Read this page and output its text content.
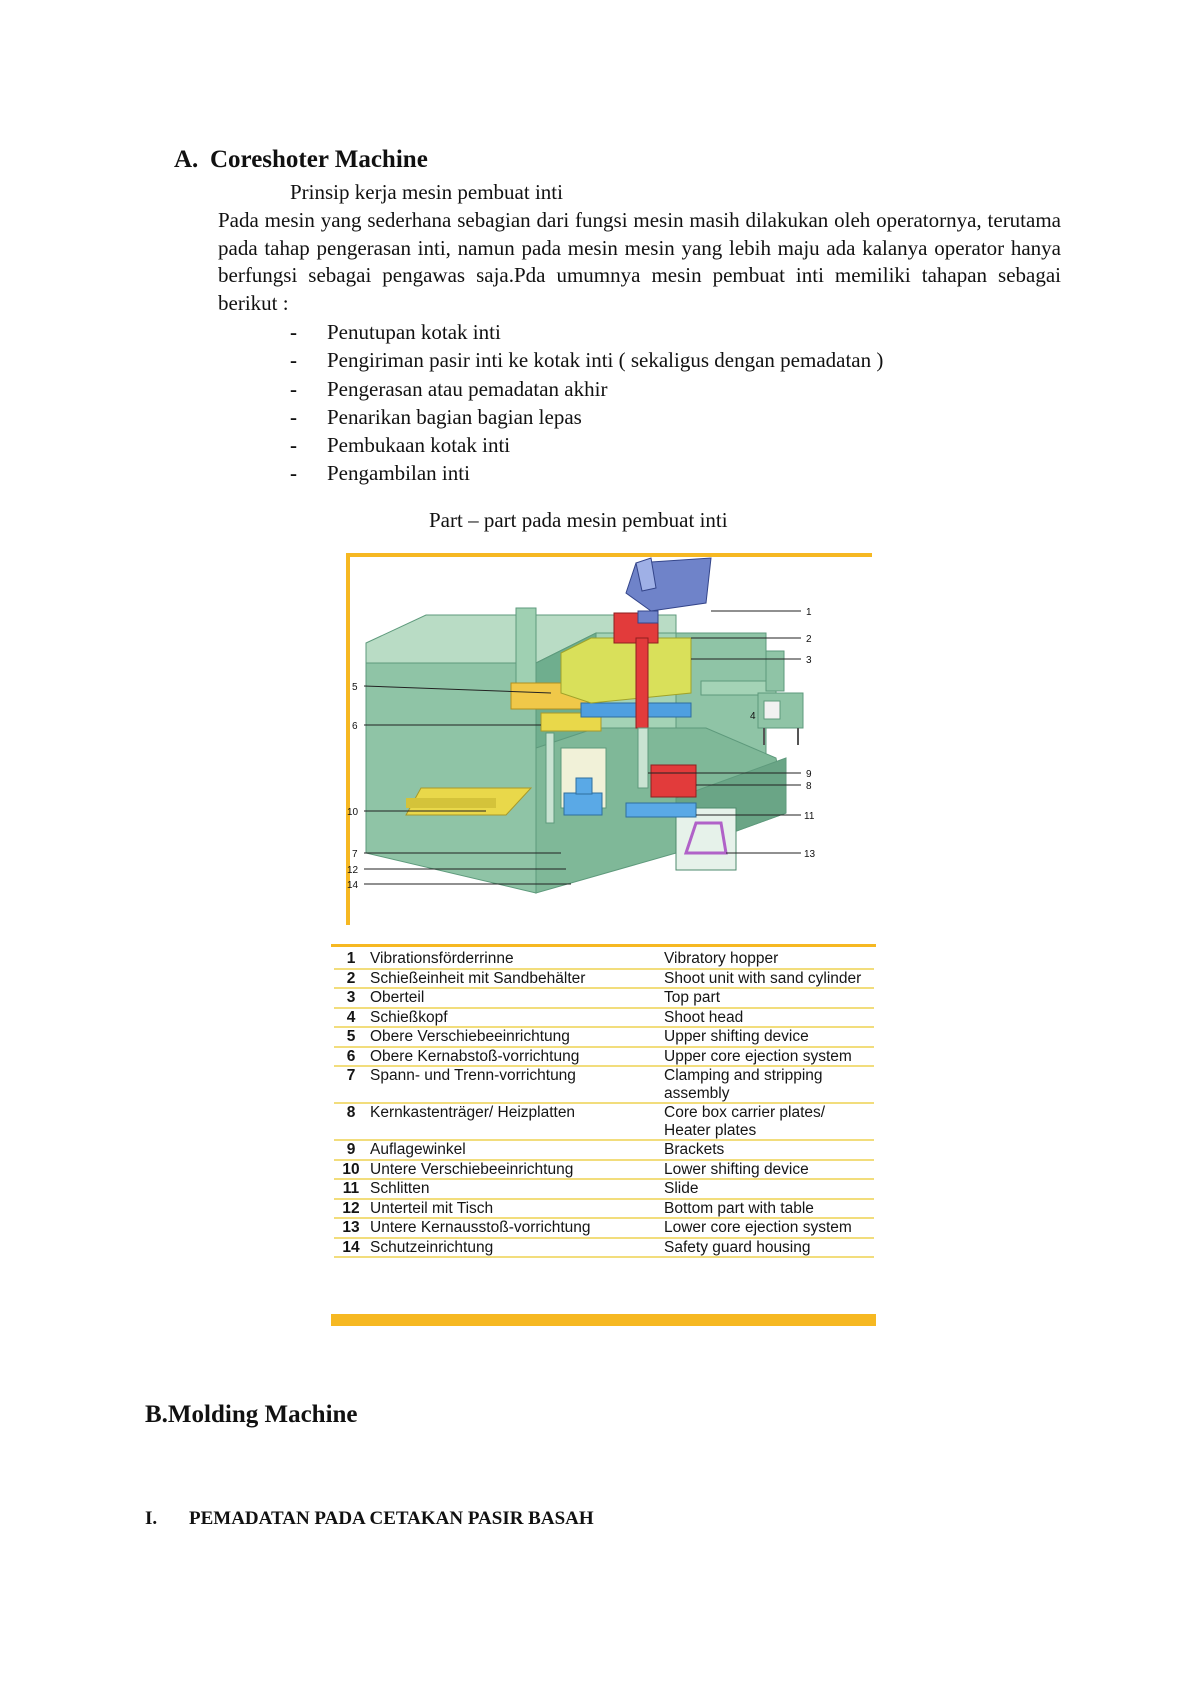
A. Coreshoter Machine
Prinsip kerja mesin pembuat inti
Pada mesin yang sederhana sebagian dari fungsi mesin masih dilakukan oleh operatornya, terutama pada tahap pengerasan inti, namun pada mesin mesin yang lebih maju ada kalanya operator hanya berfungsi sebagai pengawas saja.Pda umumnya mesin pembuat inti memiliki tahapan sebagai berikut :
- Penutupan kotak inti
- Pengiriman pasir inti ke kotak inti ( sekaligus dengan pemadatan )
- Pengerasan atau pemadatan akhir
- Penarikan bagian bagian lepas
- Pembukaan kotak inti
- Pengambilan inti
Part – part pada mesin pembuat inti
1
2
3
4
5
6
7
8
9
10	11
12
13
14
1	Vibrationsförderrinne	Vibratory hopper
2	Schießeinheit mit Sandbehälter	Shoot unit with sand cylinder
3	Oberteil	Top part
4	Schießkopf	Shoot head
5	Obere Verschiebeeinrichtung	Upper shifting device
6	Obere Kernabstoß-vorrichtung	Upper core ejection system
7	Spann- und Trenn-vorrichtung	Clamping and stripping assembly
8	Kernkastenträger/ Heizplatten	Core box carrier plates/ Heater plates
9	Auflagewinkel	Brackets
10	Untere Verschiebeeinrichtung	Lower shifting device
11	Schlitten	Slide
12	Unterteil mit Tisch	Bottom part with table
13	Untere Kernausstoß-vorrichtung	Lower core ejection system
14	Schutzeinrichtung	Safety guard housing
B.Molding Machine
I. PEMADATAN PADA CETAKAN PASIR BASAH
